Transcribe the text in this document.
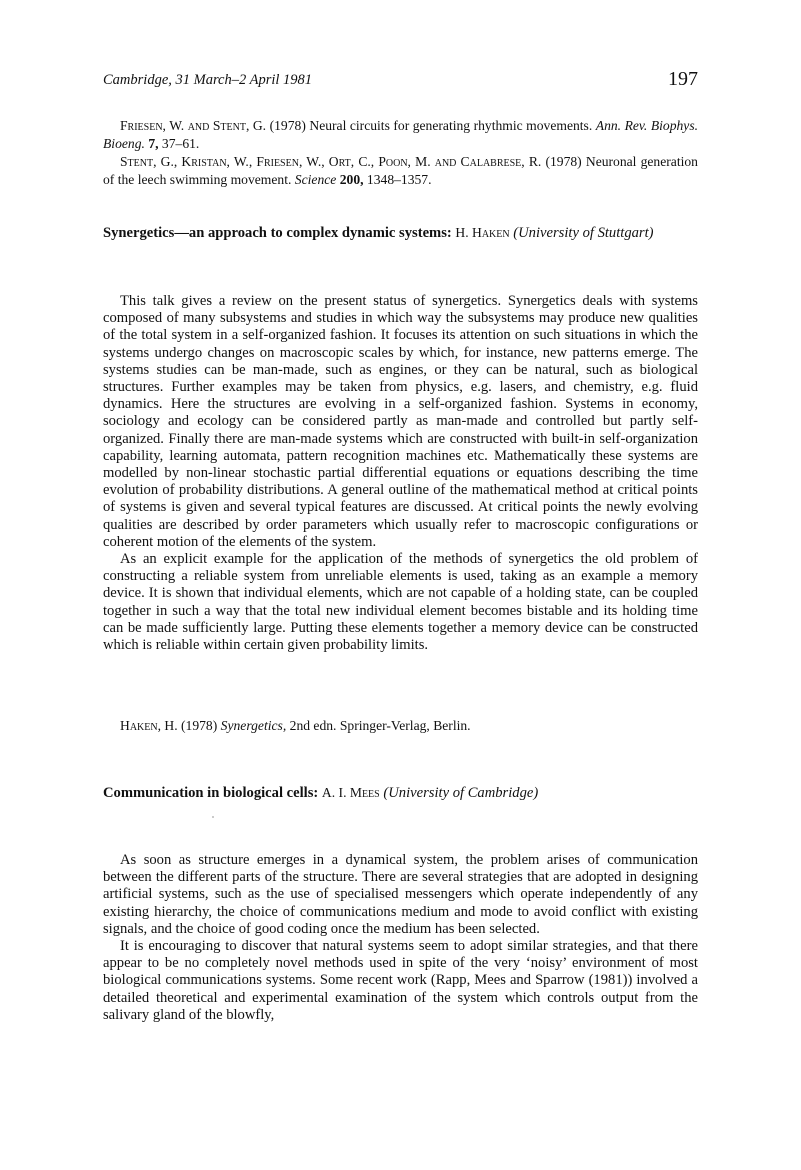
Cambridge, 31 March–2 April 1981	197

Friesen, W. and Stent, G. (1978) Neural circuits for generating rhythmic movements. Ann. Rev. Biophys. Bioeng. 7, 37–61.

Stent, G., Kristan, W., Friesen, W., Ort, C., Poon, M. and Calabrese, R. (1978) Neuronal generation of the leech swimming movement. Science 200, 1348–1357.

Synergetics—an approach to complex dynamic systems: H. Haken (University of Stuttgart)

This talk gives a review on the present status of synergetics. Synergetics deals with systems composed of many subsystems and studies in which way the subsystems may produce new qualities of the total system in a self-organized fashion. It focuses its attention on such situations in which the systems undergo changes on macroscopic scales by which, for instance, new patterns emerge. The systems studies can be man-made, such as engines, or they can be natural, such as biological structures. Further examples may be taken from physics, e.g. lasers, and chemistry, e.g. fluid dynamics. Here the structures are evolving in a self-organized fashion. Systems in economy, sociology and ecology can be considered partly as man-made and controlled but partly self-organized. Finally there are man-made systems which are constructed with built-in self-organization capability, learning automata, pattern recognition machines etc. Mathematically these systems are modelled by non-linear stochastic partial differential equations or equations describing the time evolution of probability distributions. A general outline of the mathematical method at critical points of systems is given and several typical features are discussed. At critical points the newly evolving qualities are described by order parameters which usually refer to macroscopic configurations or coherent motion of the elements of the system.

As an explicit example for the application of the methods of synergetics the old problem of constructing a reliable system from unreliable elements is used, taking as an example a memory device. It is shown that individual elements, which are not capable of a holding state, can be coupled together in such a way that the total new individual element becomes bistable and its holding time can be made sufficiently large. Putting these elements together a memory device can be constructed which is reliable within certain given probability limits.

Haken, H. (1978) Synergetics, 2nd edn. Springer-Verlag, Berlin.

Communication in biological cells: A. I. Mees (University of Cambridge)

As soon as structure emerges in a dynamical system, the problem arises of communication between the different parts of the structure. There are several strategies that are adopted in designing artificial systems, such as the use of specialised messengers which operate independently of any existing hierarchy, the choice of communications medium and mode to avoid conflict with existing signals, and the choice of good coding once the medium has been selected.

It is encouraging to discover that natural systems seem to adopt similar strategies, and that there appear to be no completely novel methods used in spite of the very ‘noisy’ environment of most biological communications systems. Some recent work (Rapp, Mees and Sparrow (1981)) involved a detailed theoretical and experimental examination of the system which controls output from the salivary gland of the blowfly,
